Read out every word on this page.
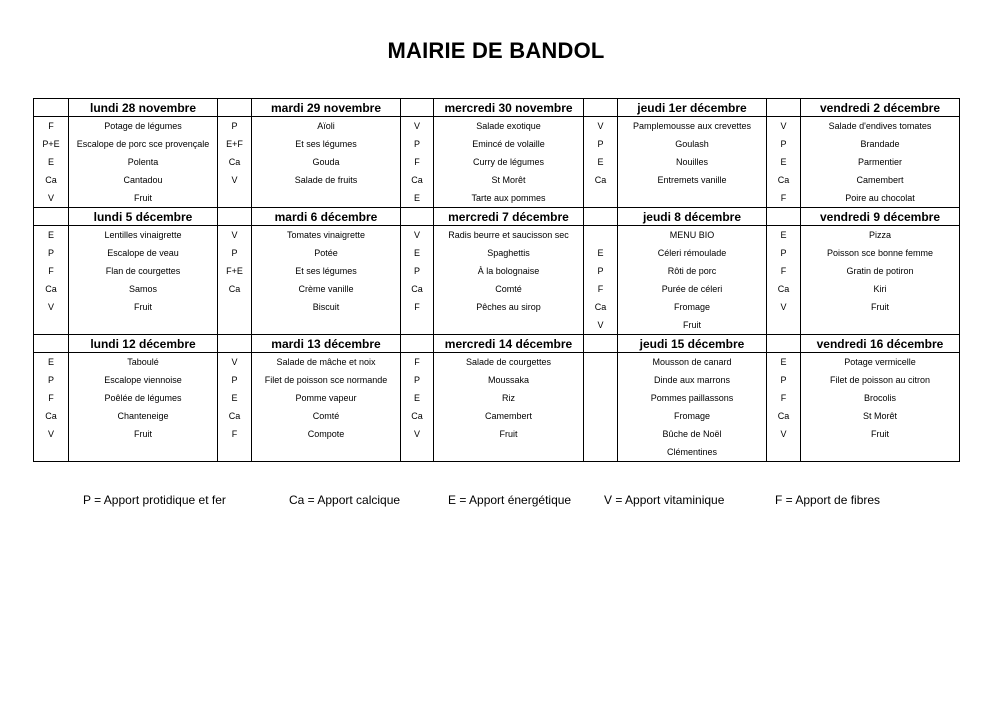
MAIRIE DE BANDOL
	lundi 28 novembre		mardi 29 novembre		mercredi 30 novembre		jeudi 1er décembre		vendredi 2 décembre
F	Potage de légumes	P	Aïoli	V	Salade exotique	V	Pamplemousse aux crevettes	V	Salade d'endives tomates
P+E	Escalope de porc sce provençale	E+F	Et ses légumes	P	Emincé de volaille	P	Goulash	P	Brandade
E	Polenta	Ca	Gouda	F	Curry de légumes	E	Nouilles	E	Parmentier
Ca	Cantadou	V	Salade de fruits	Ca	St Morêt	Ca	Entremets vanille	Ca	Camembert
V	Fruit			E	Tarte aux pommes			F	Poire au chocolat
	lundi 5 décembre		mardi 6 décembre		mercredi 7 décembre		jeudi 8 décembre		vendredi 9 décembre
E	Lentilles vinaigrette	V	Tomates vinaigrette	V	Radis beurre et saucisson sec		MENU BIO	E	Pizza
P	Escalope de veau	P	Potée	E	Spaghettis	E	Céleri rémoulade	P	Poisson sce bonne femme
F	Flan de courgettes	F+E	Et ses légumes	P	À la bolognaise	P	Rôti de porc	F	Gratin de potiron
Ca	Samos	Ca	Crème vanille	Ca	Comté	F	Purée de céleri	Ca	Kiri
V	Fruit		Biscuit	F	Pêches au sirop	Ca	Fromage	V	Fruit
						V	Fruit		
	lundi 12 décembre		mardi 13 décembre		mercredi 14 décembre		jeudi 15 décembre		vendredi 16 décembre
E	Taboulé	V	Salade de mâche et noix	F	Salade de courgettes		Mousson de canard	E	Potage vermicelle
P	Escalope viennoise	P	Filet de poisson sce normande	P	Moussaka		Dinde aux marrons	P	Filet de poisson au citron
F	Poêlée de légumes	E	Pomme vapeur	E	Riz		Pommes paillassons	F	Brocolis
Ca	Chanteneige	Ca	Comté	Ca	Camembert		Fromage	Ca	St Morêt
V	Fruit	F	Compote	V	Fruit		Bûche de Noël	V	Fruit
							Clémentines		
P = Apport protidique et fer	Ca = Apport calcique	E = Apport énergétique	V = Apport vitaminique	F = Apport de fibres
